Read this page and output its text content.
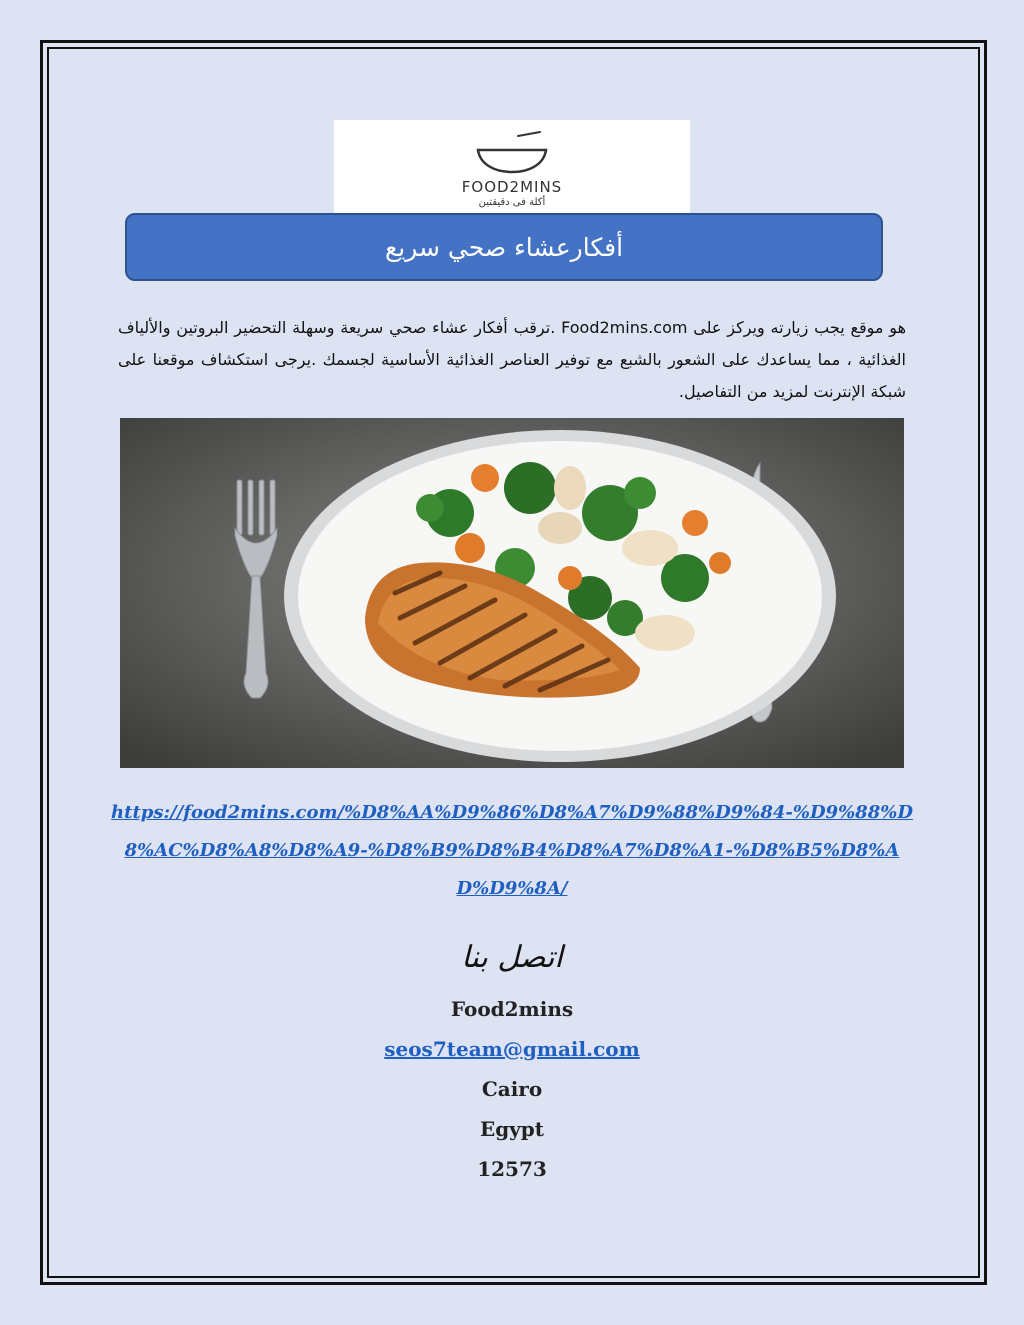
FOOD2MINS
أكلة فى دقيقتين
أفكارعشاء صحي سريع

هو موقع يجب زيارته ويركز على Food2mins.com .ترقب أفكار عشاء صحي سريعة وسهلة التحضير البروتين والألياف الغذائية ، مما يساعدك على الشعور بالشبع مع توفير العناصر الغذائية الأساسية لجسمك .يرجى استكشاف موقعنا على شبكة الإنترنت لمزيد من التفاصيل.

https://food2mins.com/%D8%AA%D9%86%D8%A7%D9%88%D9%84-%D9%88%D8%AC%D8%A8%D8%A9-%D8%B9%D8%B4%D8%A7%D8%A1-%D8%B5%D8%AD%D9%8A/

اتصل بنا

Food2mins

seos7team@gmail.com

Cairo

Egypt

12573
